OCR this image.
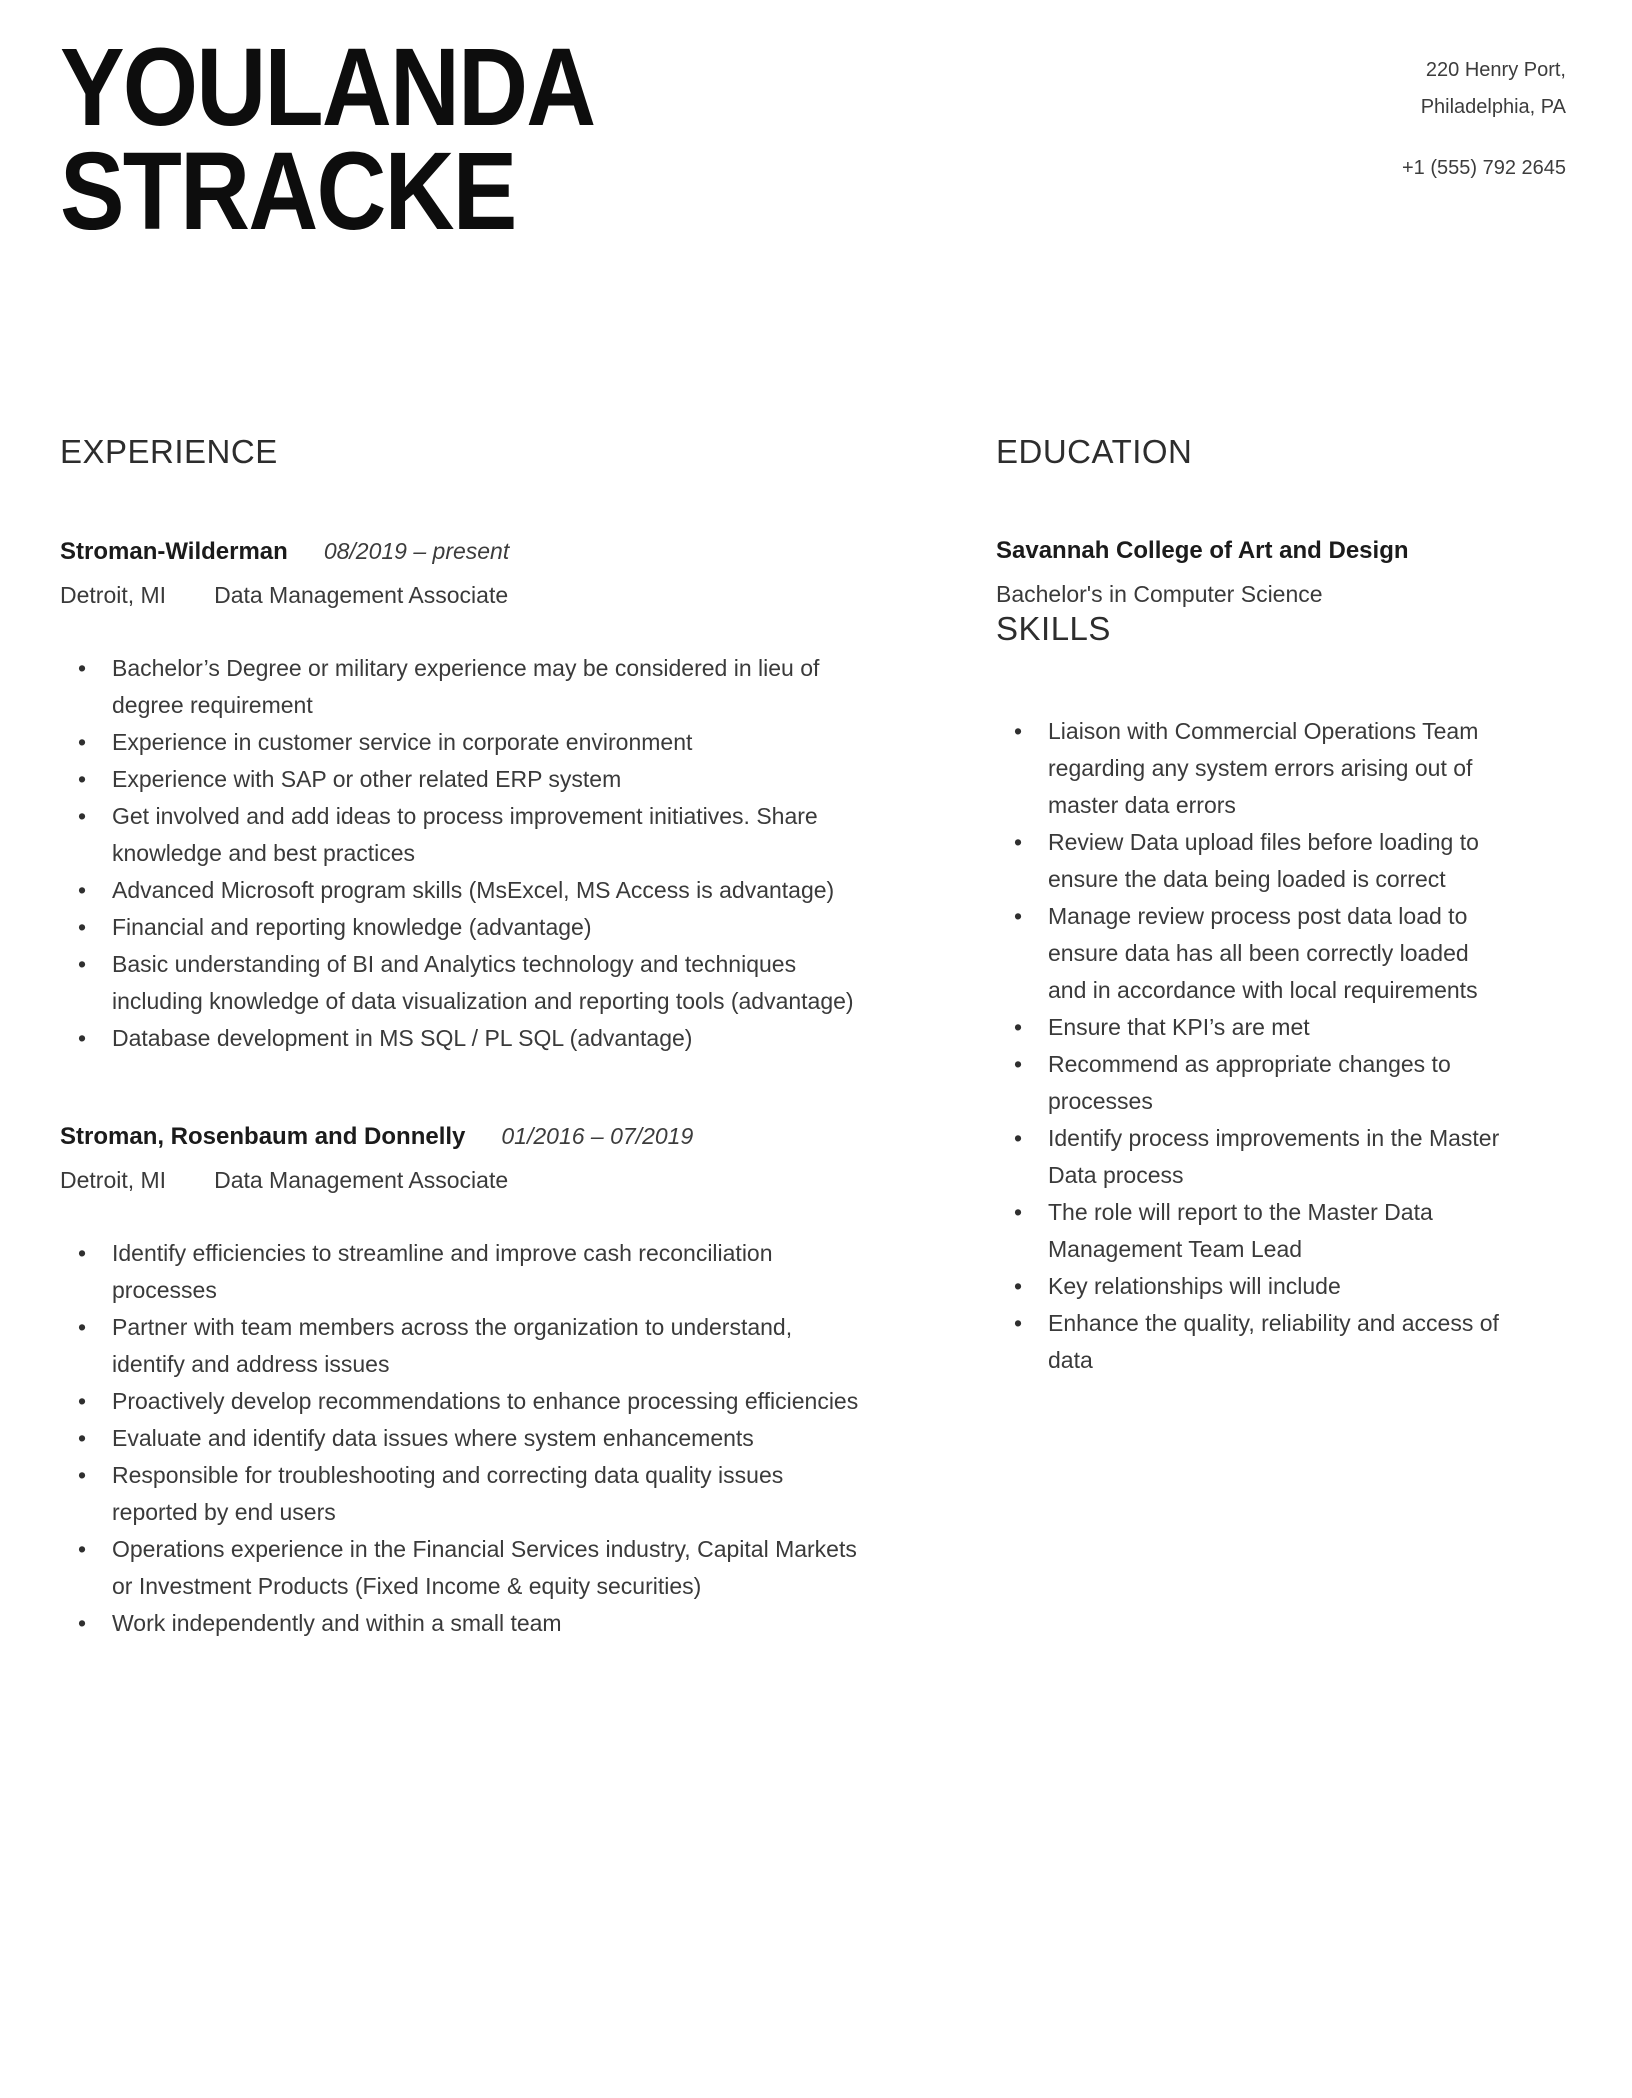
YOULANDA
STRACKE
220 Henry Port,
Philadelphia, PA
+1 (555) 792 2645
EXPERIENCE
Stroman-Wilderman 08/2019 – present
Detroit, MI Data Management Associate
• Bachelor’s Degree or military experience may be considered in lieu of degree requirement
• Experience in customer service in corporate environment
• Experience with SAP or other related ERP system
• Get involved and add ideas to process improvement initiatives. Share knowledge and best practices
• Advanced Microsoft program skills (MsExcel, MS Access is advantage)
• Financial and reporting knowledge (advantage)
• Basic understanding of BI and Analytics technology and techniques including knowledge of data visualization and reporting tools (advantage)
• Database development in MS SQL / PL SQL (advantage)
Stroman, Rosenbaum and Donnelly 01/2016 – 07/2019
Detroit, MI Data Management Associate
• Identify efficiencies to streamline and improve cash reconciliation processes
• Partner with team members across the organization to understand, identify and address issues
• Proactively develop recommendations to enhance processing efficiencies
• Evaluate and identify data issues where system enhancements
• Responsible for troubleshooting and correcting data quality issues reported by end users
• Operations experience in the Financial Services industry, Capital Markets or Investment Products (Fixed Income & equity securities)
• Work independently and within a small team
EDUCATION
Savannah College of Art and Design
Bachelor's in Computer Science
SKILLS
• Liaison with Commercial Operations Team regarding any system errors arising out of master data errors
• Review Data upload files before loading to ensure the data being loaded is correct
• Manage review process post data load to ensure data has all been correctly loaded and in accordance with local requirements
• Ensure that KPI’s are met
• Recommend as appropriate changes to processes
• Identify process improvements in the Master Data process
• The role will report to the Master Data Management Team Lead
• Key relationships will include
• Enhance the quality, reliability and access of data
